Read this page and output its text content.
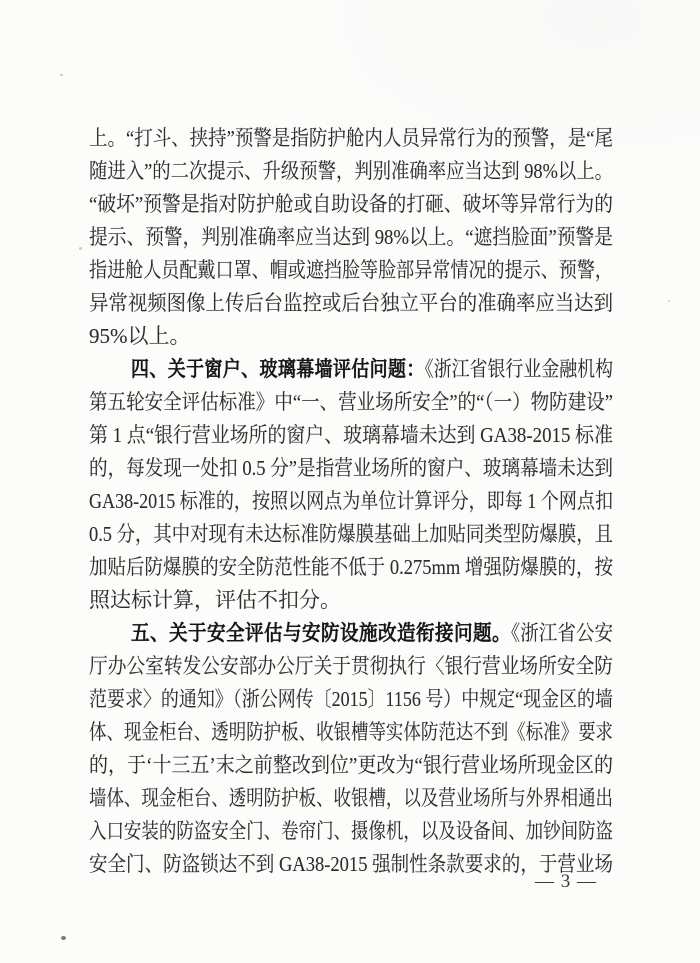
上。“打斗、挟持”预警是指防护舱内人员异常行为的预警，是“尾
随进入”的二次提示、升级预警，判别准确率应当达到 98%以上。
“破坏”预警是指对防护舱或自助设备的打砸、破坏等异常行为的
提示、预警，判别准确率应当达到 98%以上。“遮挡脸面”预警是
指进舱人员配戴口罩、帽或遮挡脸等脸部异常情况的提示、预警，
异常视频图像上传后台监控或后台独立平台的准确率应当达到
95%以上。
四、关于窗户、玻璃幕墙评估问题：《浙江省银行业金融机构
第五轮安全评估标准》中“一、营业场所安全”的“（一）物防建设”
第 1 点“银行营业场所的窗户、玻璃幕墙未达到 GA38-2015 标准
的，每发现一处扣 0.5 分”是指营业场所的窗户、玻璃幕墙未达到
GA38-2015 标准的，按照以网点为单位计算评分，即每 1 个网点扣
0.5 分，其中对现有未达标准防爆膜基础上加贴同类型防爆膜，且
加贴后防爆膜的安全防范性能不低于 0.275mm 增强防爆膜的，按
照达标计算，评估不扣分。
五、关于安全评估与安防设施改造衔接问题。《浙江省公安
厅办公室转发公安部办公厅关于贯彻执行〈银行营业场所安全防
范要求〉的通知》（浙公网传〔2015〕1156 号）中规定“现金区的墙
体、现金柜台、透明防护板、收银槽等实体防范达不到《标准》要求
的，于‘十三五’末之前整改到位”更改为“银行营业场所现金区的
墙体、现金柜台、透明防护板、收银槽，以及营业场所与外界相通出
入口安装的防盗安全门、卷帘门、摄像机，以及设备间、加钞间防盗
安全门、防盗锁达不到 GA38-2015 强制性条款要求的，于营业场
— 3 —
